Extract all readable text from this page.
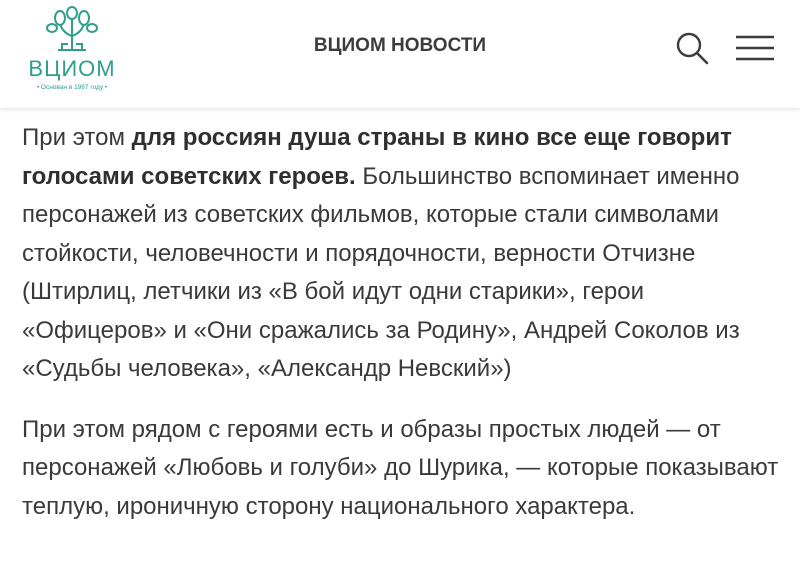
ВЦИОМ
• Основан в 1987 году •
ВЦИОМ НОВОСТИ

При этом для россиян душа страны в кино все еще говорит голосами советских героев. Большинство вспоминает именно персонажей из советских фильмов, которые стали символами стойкости, человечности и порядочности, верности Отчизне (Штирлиц, летчики из «В бой идут одни старики», герои «Офицеров» и «Они сражались за Родину», Андрей Соколов из «Судьбы человека», «Александр Невский»)

При этом рядом с героями есть и образы простых людей — от персонажей «Любовь и голуби» до Шурика, — которые показывают теплую, ироничную сторону национального характера.
